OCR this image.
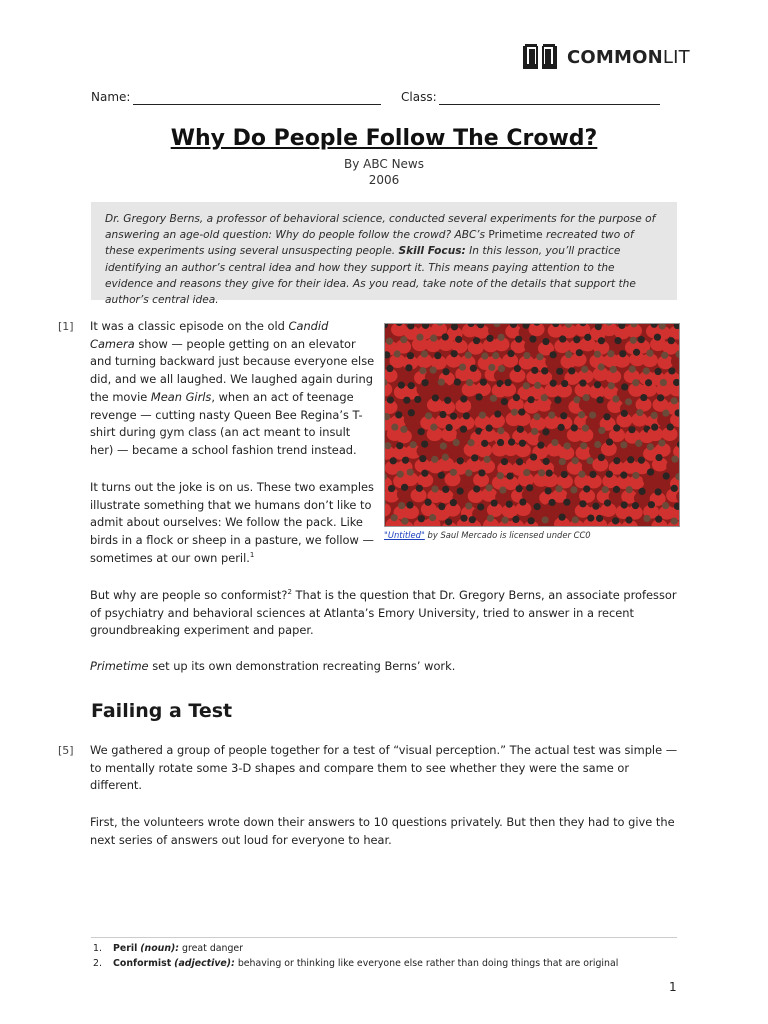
COMMONLIT
Name:	Class:
Why Do People Follow The Crowd?
By ABC News
2006
Dr. Gregory Berns, a professor of behavioral science, conducted several experiments for the purpose of answering an age-old question: Why do people follow the crowd? ABC’s Primetime recreated two of these experiments using several unsuspecting people. Skill Focus: In this lesson, you’ll practice identifying an author’s central idea and how they support it. This means paying attention to the evidence and reasons they give for their idea. As you read, take note of the details that support the author’s central idea.
[1] It was a classic episode on the old Candid Camera show — people getting on an elevator and turning backward just because everyone else did, and we all laughed. We laughed again during the movie Mean Girls, when an act of teenage revenge — cutting nasty Queen Bee Regina’s T-shirt during gym class (an act meant to insult her) — became a school fashion trend instead.
It turns out the joke is on us. These two examples illustrate something that we humans don’t like to admit about ourselves: We follow the pack. Like birds in a flock or sheep in a pasture, we follow — sometimes at our own peril.$^1$
"Untitled" by Saul Mercado is licensed under CC0
But why are people so conformist?$^2$ That is the question that Dr. Gregory Berns, an associate professor of psychiatry and behavioral sciences at Atlanta’s Emory University, tried to answer in a recent groundbreaking experiment and paper.
Primetime set up its own demonstration recreating Berns’ work.
Failing a Test
[5] We gathered a group of people together for a test of “visual perception.” The actual test was simple — to mentally rotate some 3-D shapes and compare them to see whether they were the same or different.
First, the volunteers wrote down their answers to 10 questions privately. But then they had to give the next series of answers out loud for everyone to hear.
1. Peril (noun): great danger
2. Conformist (adjective): behaving or thinking like everyone else rather than doing things that are original
1
